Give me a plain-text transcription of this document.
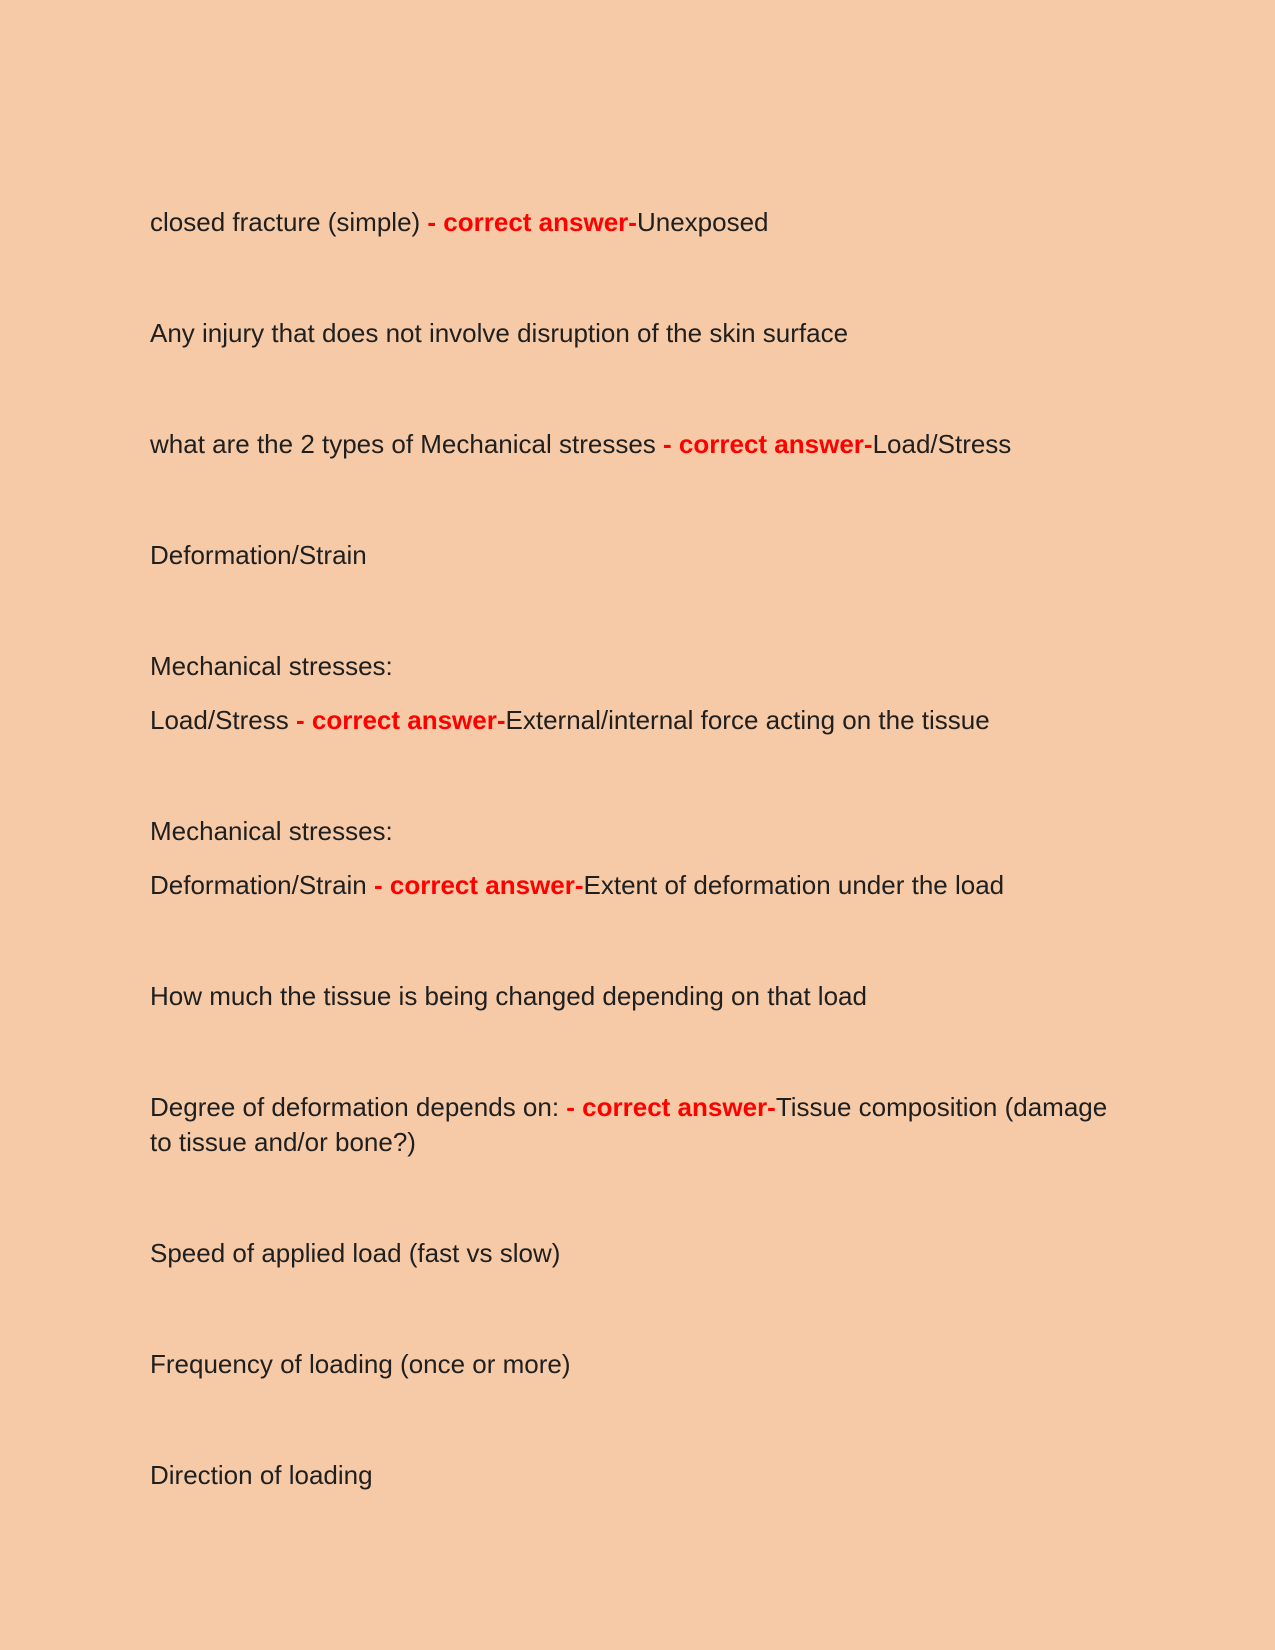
closed fracture (simple) - correct answer-Unexposed

Any injury that does not involve disruption of the skin surface

what are the 2 types of Mechanical stresses - correct answer-Load/Stress

Deformation/Strain

Mechanical stresses:

Load/Stress - correct answer-External/internal force acting on the tissue

Mechanical stresses:

Deformation/Strain - correct answer-Extent of deformation under the load

How much the tissue is being changed depending on that load

Degree of deformation depends on: - correct answer-Tissue composition (damage to tissue and/or bone?)

Speed of applied load (fast vs slow)

Frequency of loading (once or more)

Direction of loading
